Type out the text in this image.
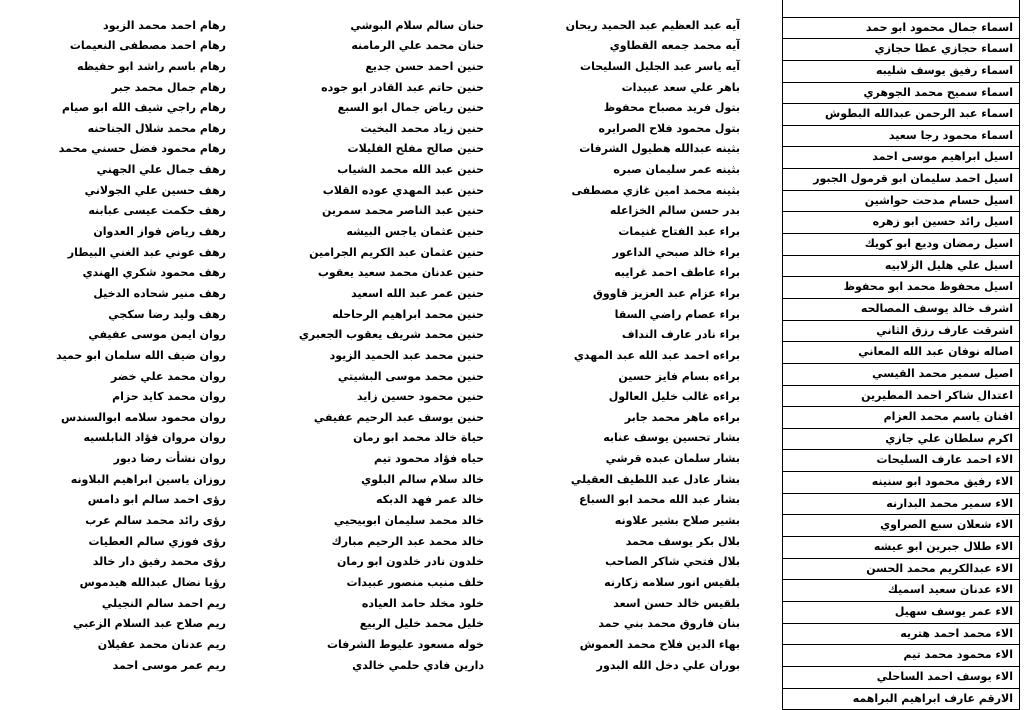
اسماء جمال محمود ابو حمد
اسماء حجازي عطا حجازي
اسماء رفيق يوسف شليبه
اسماء سميح محمد الجوهري
اسماء عبد الرحمن عبدالله البطوش
اسماء محمود رجا سعيد
اسيل ابراهيم موسى احمد
اسيل احمد سليمان ابو قرمول الجبور
اسيل حسام مدحت حواشين
اسيل رائد حسين ابو زهره
اسيل رمضان وديع ابو كويك
اسيل علي هليل الزلابيه
اسيل محفوظ محمد ابو محفوظ
اشرف خالد يوسف المصالحه
اشرقت عارف رزق الثاني
اصاله نوفان عبد الله المعاني
اصيل سمير محمد القيسي
اعتدال شاكر احمد المطيرين
افنان ياسم محمد العزام
اكرم سلطان علي جازي
الاء احمد عارف السليحات
الاء رفيق محمود ابو سنينه
الاء سمير محمد البدارنه
الاء شعلان سبع الصراوي
الاء طلال جبرين ابو عيشه
الاء عبدالكريم محمد الحسن
الاء عدنان سعيد اسميك
الاء عمر يوسف سهيل
الاء محمد احمد هتريه
الاء محمود محمد تيم
الاء يوسف احمد الساحلي
الارقم عارف ابراهيم البراهمه
آيه عبد العظيم عبد الحميد ريحان
آيه محمد جمعه القطاوي
آيه ياسر عبد الجليل السليحات
باهر علي سعد عبيدات
بتول فريد مصباح محفوظ
بتول محمود فلاح الصرايره
بثينه عبدالله هطيول الشرفات
بثينه عمر سليمان صبره
بثينه محمد امين غازي مصطفى
بدر حسن سالم الخزاعله
براء عبد الفتاح غنيمات
براء خالد صبحي الداعور
براء عاطف احمد غرايبه
براء عزام عبد العزيز قاووق
براء عصام راضي السقا
براء نادر عارف النداف
براءه احمد عبد الله عبد المهدي
براءه بسام فايز حسين
براءه غالب خليل العالول
براءه ماهر محمد جابر
بشار تحسين يوسف عنابه
بشار سلمان عبده قرشي
بشار عادل عبد اللطيف العقيلي
بشار عبد الله محمد ابو السباع
بشير صلاح بشير علاونه
بلال بكر يوسف محمد
بلال فتحي شاكر الصاحب
بلقيس انور سلامه زكارنه
بلقيس خالد حسن اسعد
بنان فاروق محمد بني حمد
بهاء الدين فلاح محمد العموش
بوران علي دخل الله البدور
حنان سالم سلام البوشي
حنان محمد علي الرمامنه
حنين احمد حسن جديع
حنين حاتم عبد القادر ابو جوده
حنين رياض جمال ابو السبع
حنين زياد محمد البخيت
حنين صالح مفلح الفليلات
حنين عبد الله محمد الشياب
حنين عبد المهدي عوده القلاب
حنين عبد الناصر محمد سمرين
حنين عثمان ياجس البيشه
حنين عثمان عبد الكريم الجرامين
حنين عدنان محمد سعيد يعقوب
حنين عمر عبد الله اسعيد
حنين محمد ابراهيم الرحاحله
حنين محمد شريف يعقوب الجعبري
حنين محمد عبد الحميد الزيود
حنين محمد موسى البشيتي
حنين محمود حسين زايد
حنين يوسف عبد الرحيم عفيفي
حياة خالد محمد ابو رمان
حياه فؤاد محمود تيم
خالد سلام سالم البلوي
خالد عمر فهد الدبكه
خالد محمد سليمان ابوبيحيي
خالد محمد عبد الرحيم مبارك
خلدون نادر خلدون ابو رمان
خلف منيب منصور عبيدات
خلود مخلد حامد العياده
خليل محمد خليل الربيع
خوله مسعود عليوط الشرفات
دارين فادي حلمي خالدي
رهام احمد محمد الزيود
رهام احمد مصطفى النعيمات
رهام باسم راشد ابو حفيظه
رهام جمال محمد جبر
رهام راجي شيف الله ابو صيام
رهام محمد شلال الجناحنه
رهام محمود فضل حسني محمد
رهف جمال علي الجهني
رهف حسين علي الجولاني
رهف حكمت عيسى عبابنه
رهف رياض فواز العدوان
رهف عوني عبد الغني البيطار
رهف محمود شكري الهندي
رهف منير شحاده الدخيل
رهف وليد رضا سكجي
روان ايمن موسى عفيفي
روان ضيف الله سلمان ابو حميد
روان محمد علي خضر
روان محمد كايد حزام
روان محمود سلامه ابوالسندس
روان مروان فؤاد النابلسيه
روان نشأت رضا دبور
روزان ياسين ابراهيم البلاونه
رؤى احمد سالم ابو دامس
رؤى رائد محمد سالم عرب
رؤى فوزي سالم العطيات
رؤى محمد رفيق دار خالد
رؤيا نضال عبدالله هيدموس
ريم احمد سالم النجيلي
ريم صلاح عبد السلام الزعبي
ريم عدنان محمد عقيلان
ريم عمر موسى احمد
